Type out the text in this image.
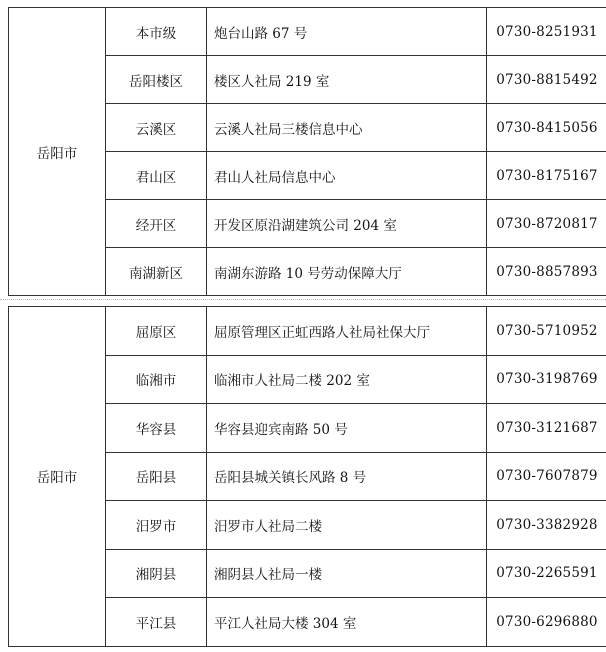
岳阳市	本市级	炮台山路 67 号	0730-8251931
	岳阳楼区	楼区人社局 219 室	0730-8815492
	云溪区	云溪人社局三楼信息中心	0730-8415056
	君山区	君山人社局信息中心	0730-8175167
	经开区	开发区原沿湖建筑公司 204 室	0730-8720817
	南湖新区	南湖东游路 10 号劳动保障大厅	0730-8857893
岳阳市	屈原区	屈原管理区正虹西路人社局社保大厅	0730-5710952
	临湘市	临湘市人社局二楼 202 室	0730-3198769
	华容县	华容县迎宾南路 50 号	0730-3121687
	岳阳县	岳阳县城关镇长风路 8 号	0730-7607879
	汨罗市	汨罗市人社局二楼	0730-3382928
	湘阴县	湘阴县人社局一楼	0730-2265591
	平江县	平江人社局大楼 304 室	0730-6296880
